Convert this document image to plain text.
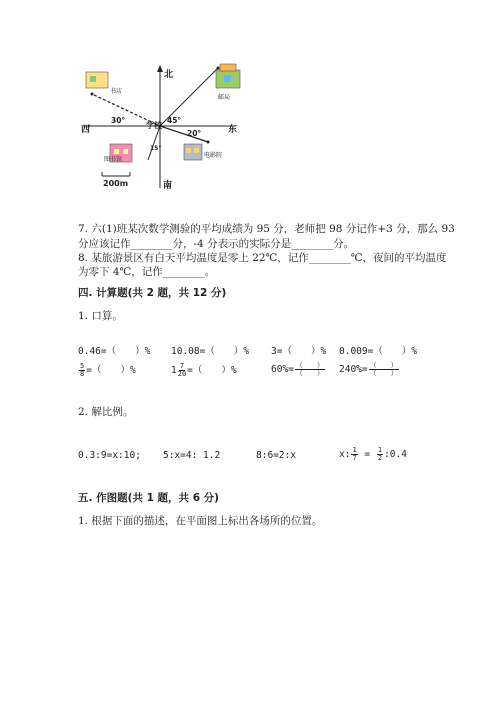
北
南
西	东
学校
30°	45°
20°
15°
邮局
书店
图书馆
电影院
200m
7. 六(1)班某次数学测验的平均成绩为 95 分，老师把 98 分记作+3 分，那么 93
分应该记作________分，-4 分表示的实际分是________分。
8. 某旅游景区有白天平均温度是零上 22℃，记作________℃，夜间的平均温度
为零下 4℃，记作________。
四. 计算题(共 2 题，共 12 分)
1. 口算。
0.46=（　　）% 10.08=（　　）% 3=（　　）% 0.009=（　　）%
$\frac{5}{8}$ =（　　）%	$1 \frac{7}{20}$ =（　　）%	$60\%= \frac{( )}{( )} 240\%= \frac{( )}{( )}$
2. 解比例。
0.3:9=x:10; 5:x=4: 1.2	8:6=2:x	x: $\frac{1}{7} = \frac{1}{2}$ :0.4
五. 作图题(共 1 题，共 6 分)
1. 根据下面的描述，在平面图上标出各场所的位置。
